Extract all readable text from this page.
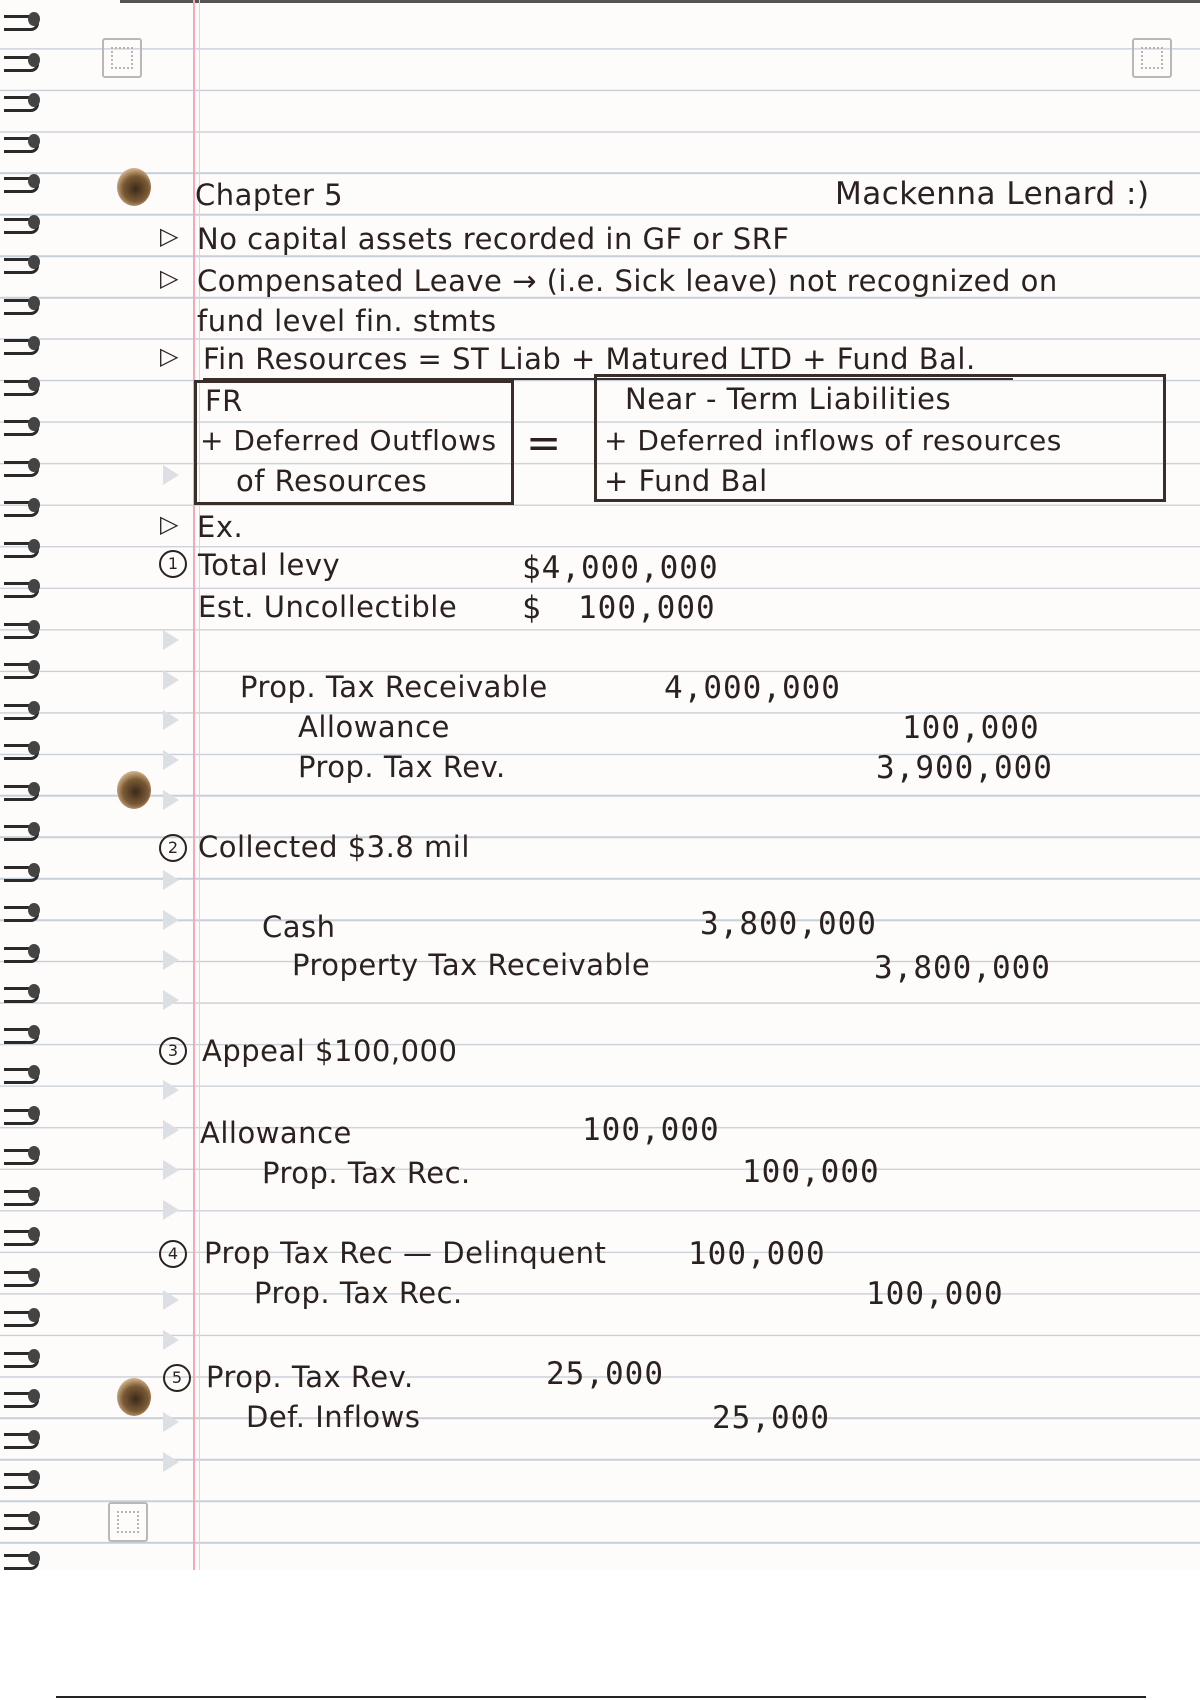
Chapter 5	Mackenna Lenard :)
▷ No capital assets recorded in GF or SRF
▷ Compensated Leave → (i.e. Sick leave) not recognized on
fund level fin. stmts
▷ Fin Resources = ST Liab + Matured LTD + Fund Bal.
FR
+ Deferred Outflows
of Resources
=
Near - Term Liabilities
+ Deferred inflows of resources
+ Fund Bal
▷ Ex.
1 Total levy	$4,000,000
Est. Uncollectible $ 100,000
Prop. Tax Receivable	4,000,000
Allowance	100,000
Prop. Tax Rev.	3,900,000
2 Collected $3.8 mil
Cash	3,800,000
Property Tax Receivable	3,800,000
3 Appeal $100,000
Allowance	100,000
Prop. Tax Rec.	100,000
4 Prop Tax Rec — Delinquent	100,000
Prop. Tax Rec.	100,000
5 Prop. Tax Rev.	25,000
Def. Inflows	25,000
